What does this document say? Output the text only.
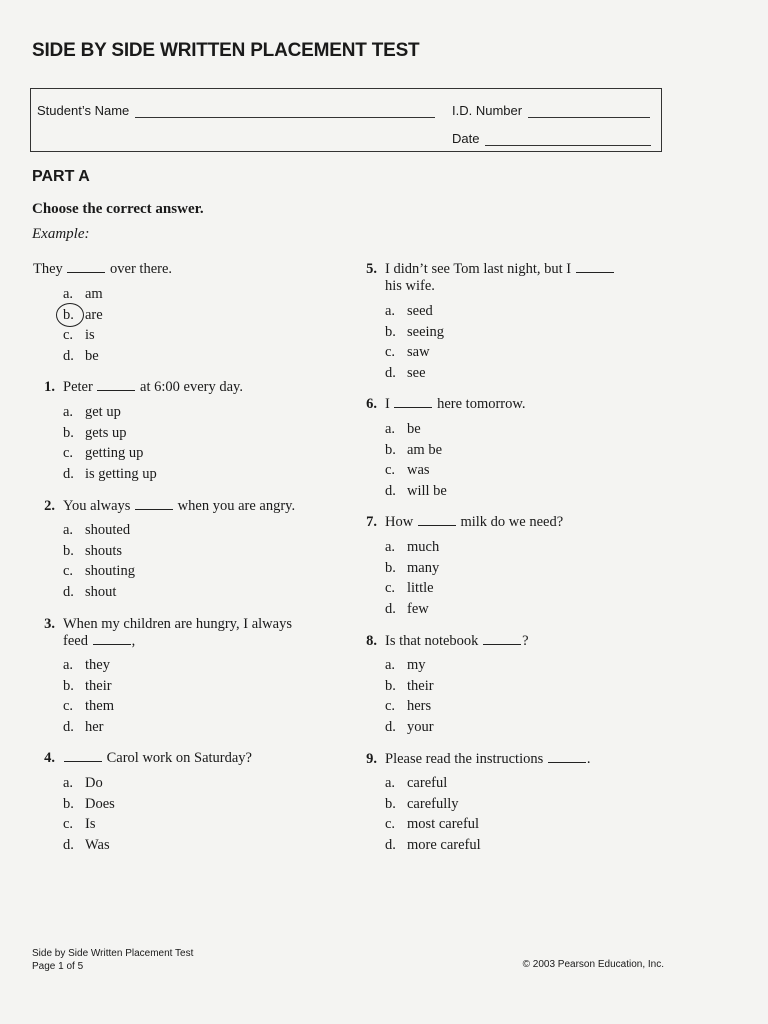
SIDE BY SIDE WRITTEN PLACEMENT TEST
Student’s Name	I.D. Number
Date
PART A
Choose the correct answer.
Example:
They	over there.
a. am
b. are
c. is
d. be
1. Peter	at 6:00 every day.
a. get up
b. gets up
c. getting up
d. is getting up
2. You always	when you are angry.
a. shouted
b. shouts
c. shouting
d. shout
3. When my children are hungry, I always feed	,
a. they
b. their
c. them
d. her
4.	Carol work on Saturday?
a. Do
b. Does
c. Is
d. Was
5. I didn’t see Tom last night, but I  his wife.
a. seed
b. seeing
c. saw
d. see
6. I	here tomorrow.
a. be
b. am be
c. was
d. will be
7. How	milk do we need?
a. much
b. many
c. little
d. few
8. Is that notebook	?
a. my
b. their
c. hers
d. your
9. Please read the instructions	.
a. careful
b. carefully
c. most careful
d. more careful
Side by Side Written Placement Test
Page 1 of 5	© 2003 Pearson Education, Inc.
